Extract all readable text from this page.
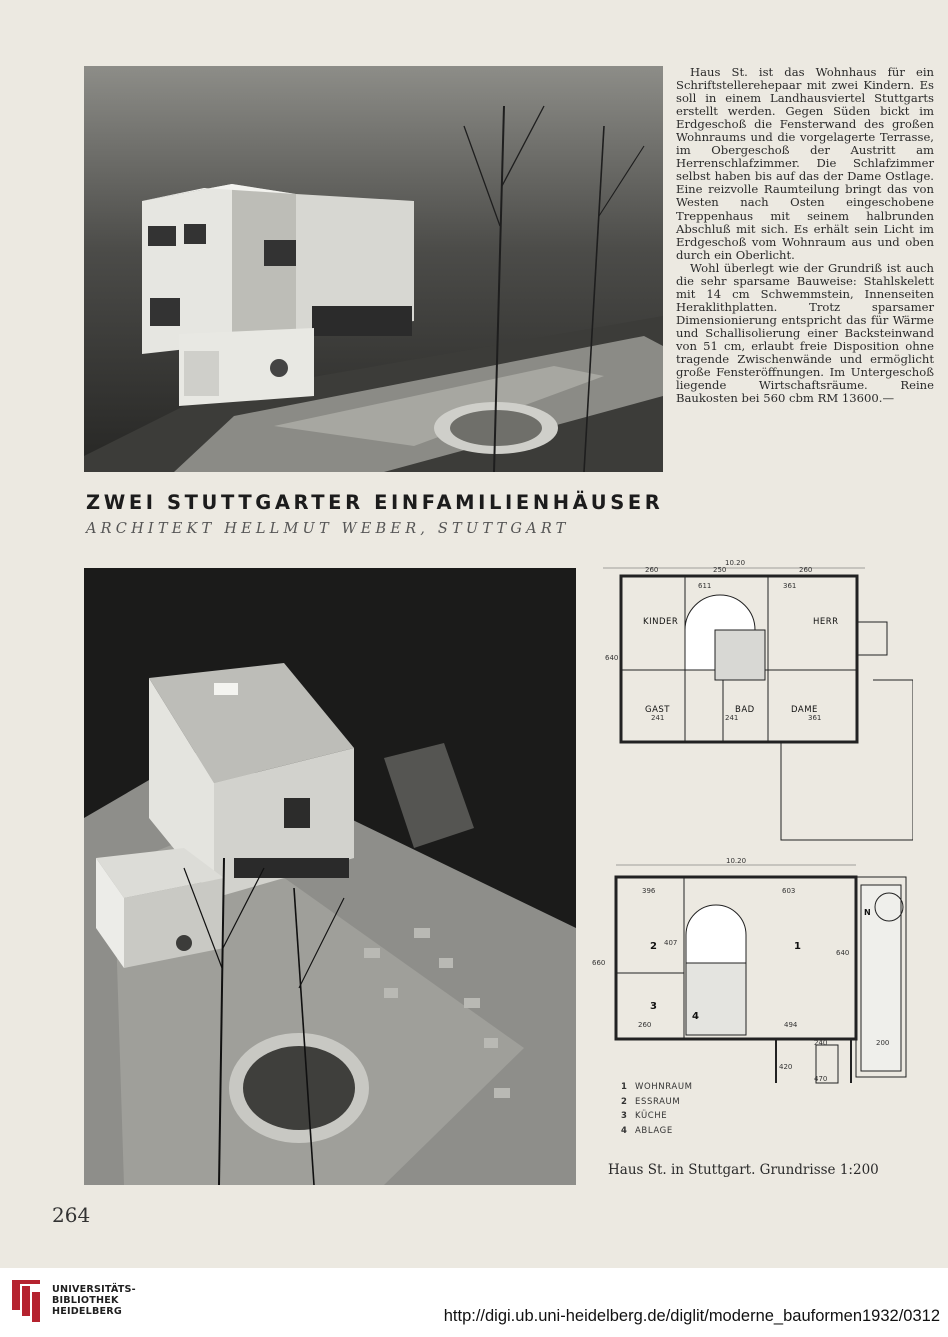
Haus St. ist das Wohnhaus für ein Schriftstellerehepaar mit zwei Kindern. Es soll in einem Landhausviertel Stuttgarts erstellt werden. Gegen Süden bickt im Erdgeschoß die Fensterwand des großen Wohnraums und die vorgelagerte Terrasse, im Obergeschoß der Austritt am Herrenschlafzimmer. Die Schlafzimmer selbst haben bis auf das der Dame Ostlage. Eine reizvolle Raumteilung bringt das von Westen nach Osten eingeschobene Treppenhaus mit seinem halbrunden Abschluß mit sich. Es erhält sein Licht im Erdgeschoß vom Wohnraum aus und oben durch ein Oberlicht.

Wohl überlegt wie der Grundriß ist auch die sehr sparsame Bauweise: Stahlskelett mit 14 cm Schwemmstein, Innenseiten Heraklithplatten. Trotz sparsamer Dimensionierung entspricht das für Wärme und Schallisolierung einer Backsteinwand von 51 cm, erlaubt freie Disposition ohne tragende Zwischenwände und ermöglicht große Fensteröffnungen. Im Untergeschoß liegende Wirtschaftsräume. Reine Baukosten bei 560 cbm RM 13600.—

ZWEI STUTTGARTER EINFAMILIENHÄUSER
ARCHITEKT HELLMUT WEBER, STUTTGART
260	250
10.20
260
611	361
640
241	241	361
KINDER	HERR
GAST	BAD	DAME
10.20
396	603
407
640
260	494
240	200
420
470
660
1
2
3
4
N
1 WOHNRAUM
2 ESSRAUM
3 KÜCHE
4 ABLAGE
Haus St. in Stuttgart. Grundrisse 1:200
264
UNIVERSITÄTS-
BIBLIOTHEK
HEIDELBERG	http://digi.ub.uni-heidelberg.de/diglit/moderne_bauformen1932/0312
